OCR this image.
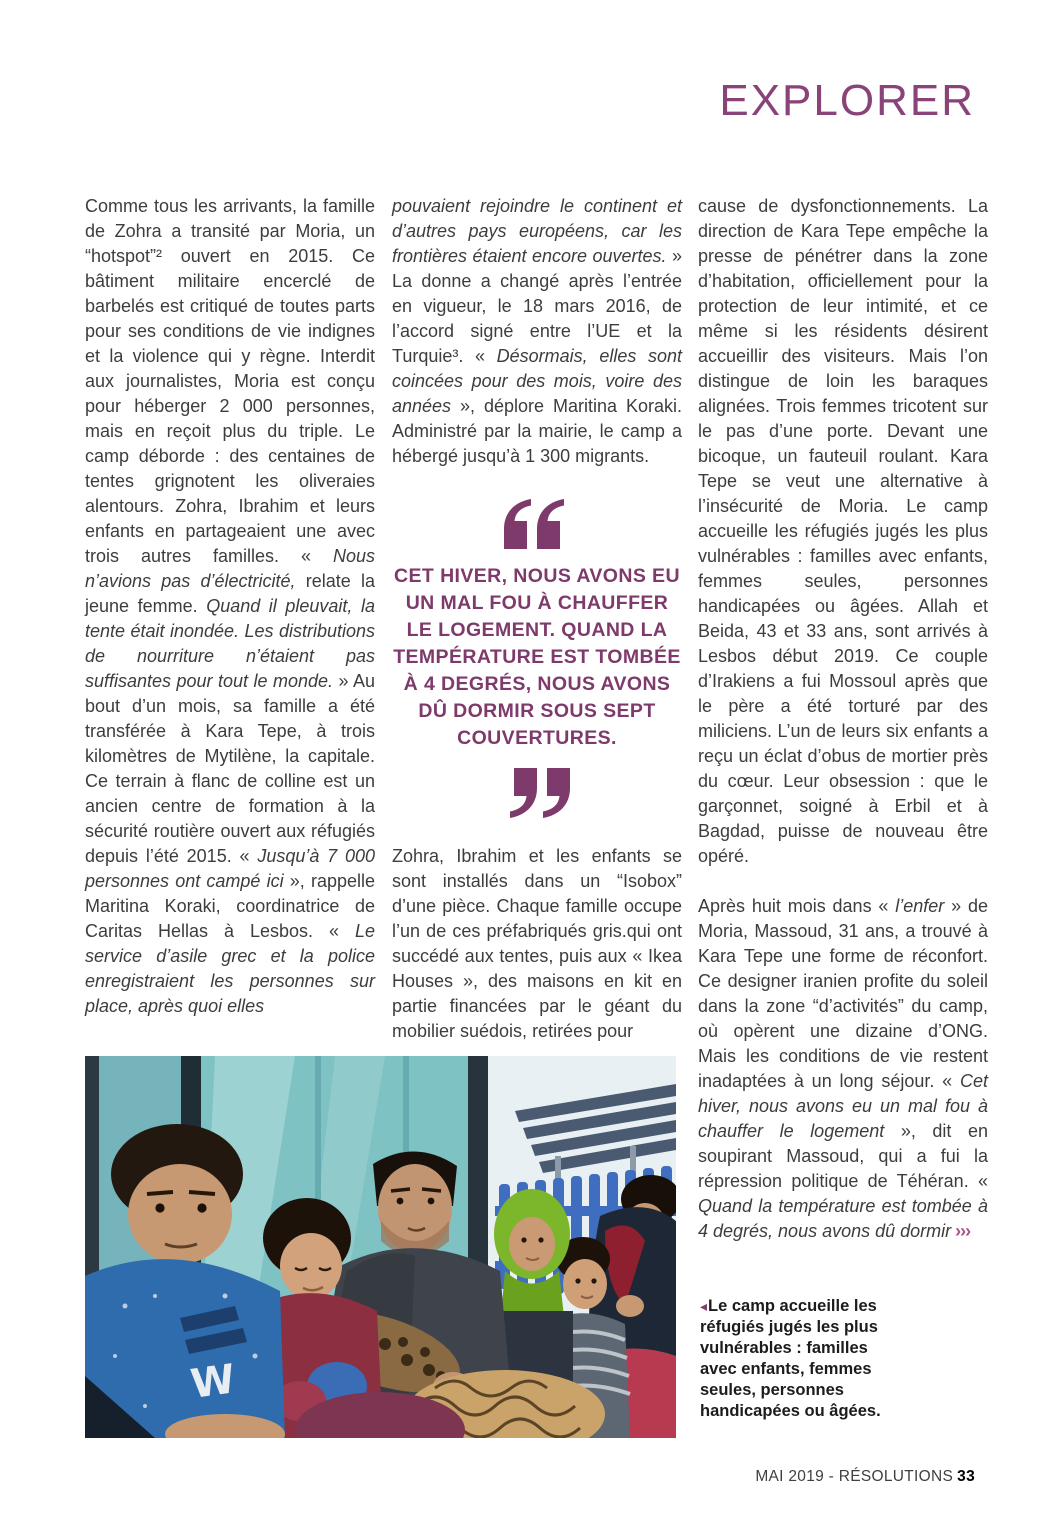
EXPLORER

Comme tous les arrivants, la famille de Zohra a transité par Moria, un “hotspot”² ouvert en 2015. Ce bâtiment militaire encerclé de barbelés est critiqué de toutes parts pour ses conditions de vie indignes et la violence qui y règne. Interdit aux journalistes, Moria est conçu pour héberger 2 000 personnes, mais en reçoit plus du triple. Le camp déborde : des centaines de tentes grignotent les oliveraies alentours. Zohra, Ibrahim et leurs enfants en partageaient une avec trois autres familles. « Nous n’avions pas d’électricité, relate la jeune femme. Quand il pleuvait, la tente était inondée. Les distributions de nourriture n’étaient pas suffisantes pour tout le monde. » Au bout d’un mois, sa famille a été transférée à Kara Tepe, à trois kilomètres de Mytilène, la capitale. Ce terrain à flanc de colline est un ancien centre de formation à la sécurité routière ouvert aux réfugiés depuis l’été 2015. « Jusqu’à 7 000 personnes ont campé ici », rappelle Maritina Koraki, coordinatrice de Caritas Hellas à Lesbos. « Le service d’asile grec et la police enregistraient les personnes sur place, après quoi elles

pouvaient rejoindre le continent et d’autres pays européens, car les frontières étaient encore ouvertes. » La donne a changé après l’entrée en vigueur, le 18 mars 2016, de l’accord signé entre l’UE et la Turquie³. « Désormais, elles sont coincées pour des mois, voire des années », déplore Maritina Koraki. Administré par la mairie, le camp a hébergé jusqu’à 1 300 migrants.

CET HIVER, NOUS AVONS EU UN MAL FOU À CHAUFFER LE LOGEMENT. QUAND LA TEMPÉRATURE EST TOMBÉE À 4 DEGRÉS, NOUS AVONS DÛ DORMIR SOUS SEPT COUVERTURES.

Zohra, Ibrahim et les enfants se sont installés dans un “Isobox” d’une pièce. Chaque famille occupe l’un de ces préfabriqués gris.qui ont succédé aux tentes, puis aux « Ikea Houses », des maisons en kit en partie financées par le géant du mobilier suédois, retirées pour

cause de dysfonctionnements. La direction de Kara Tepe empêche la presse de pénétrer dans la zone d’habitation, officiellement pour la protection de leur intimité, et ce même si les résidents désirent accueillir des visiteurs. Mais l’on distingue de loin les baraques alignées. Trois femmes tricotent sur le pas d’une porte. Devant une bicoque, un fauteuil roulant. Kara Tepe se veut une alternative à l’insécurité de Moria. Le camp accueille les réfugiés jugés les plus vulnérables : familles avec enfants, femmes seules, personnes handicapées ou âgées. Allah et Beida, 43 et 33 ans, sont arrivés à Lesbos début 2019. Ce couple d’Irakiens a fui Mossoul après que le père a été torturé par des miliciens. L’un de leurs six enfants a reçu un éclat d’obus de mortier près du cœur. Leur obsession : que le garçonnet, soigné à Erbil et à Bagdad, puisse de nouveau être opéré.

Après huit mois dans « l’enfer » de Moria, Massoud, 31 ans, a trouvé à Kara Tepe une forme de réconfort. Ce designer iranien profite du soleil dans la zone “d’activités” du camp, où opèrent une dizaine d’ONG. Mais les conditions de vie restent inadaptées à un long séjour. « Cet hiver, nous avons eu un mal fou à chauffer le logement », dit en soupirant Massoud, qui a fui la répression politique de Téhéran. « Quand la température est tombée à 4 degrés, nous avons dû dormir ›››

W
◂Le camp accueille les réfugiés jugés les plus vulnérables : familles avec enfants, femmes seules, personnes handicapées ou âgées.
MAI 2019 - RÉSOLUTIONS 33
